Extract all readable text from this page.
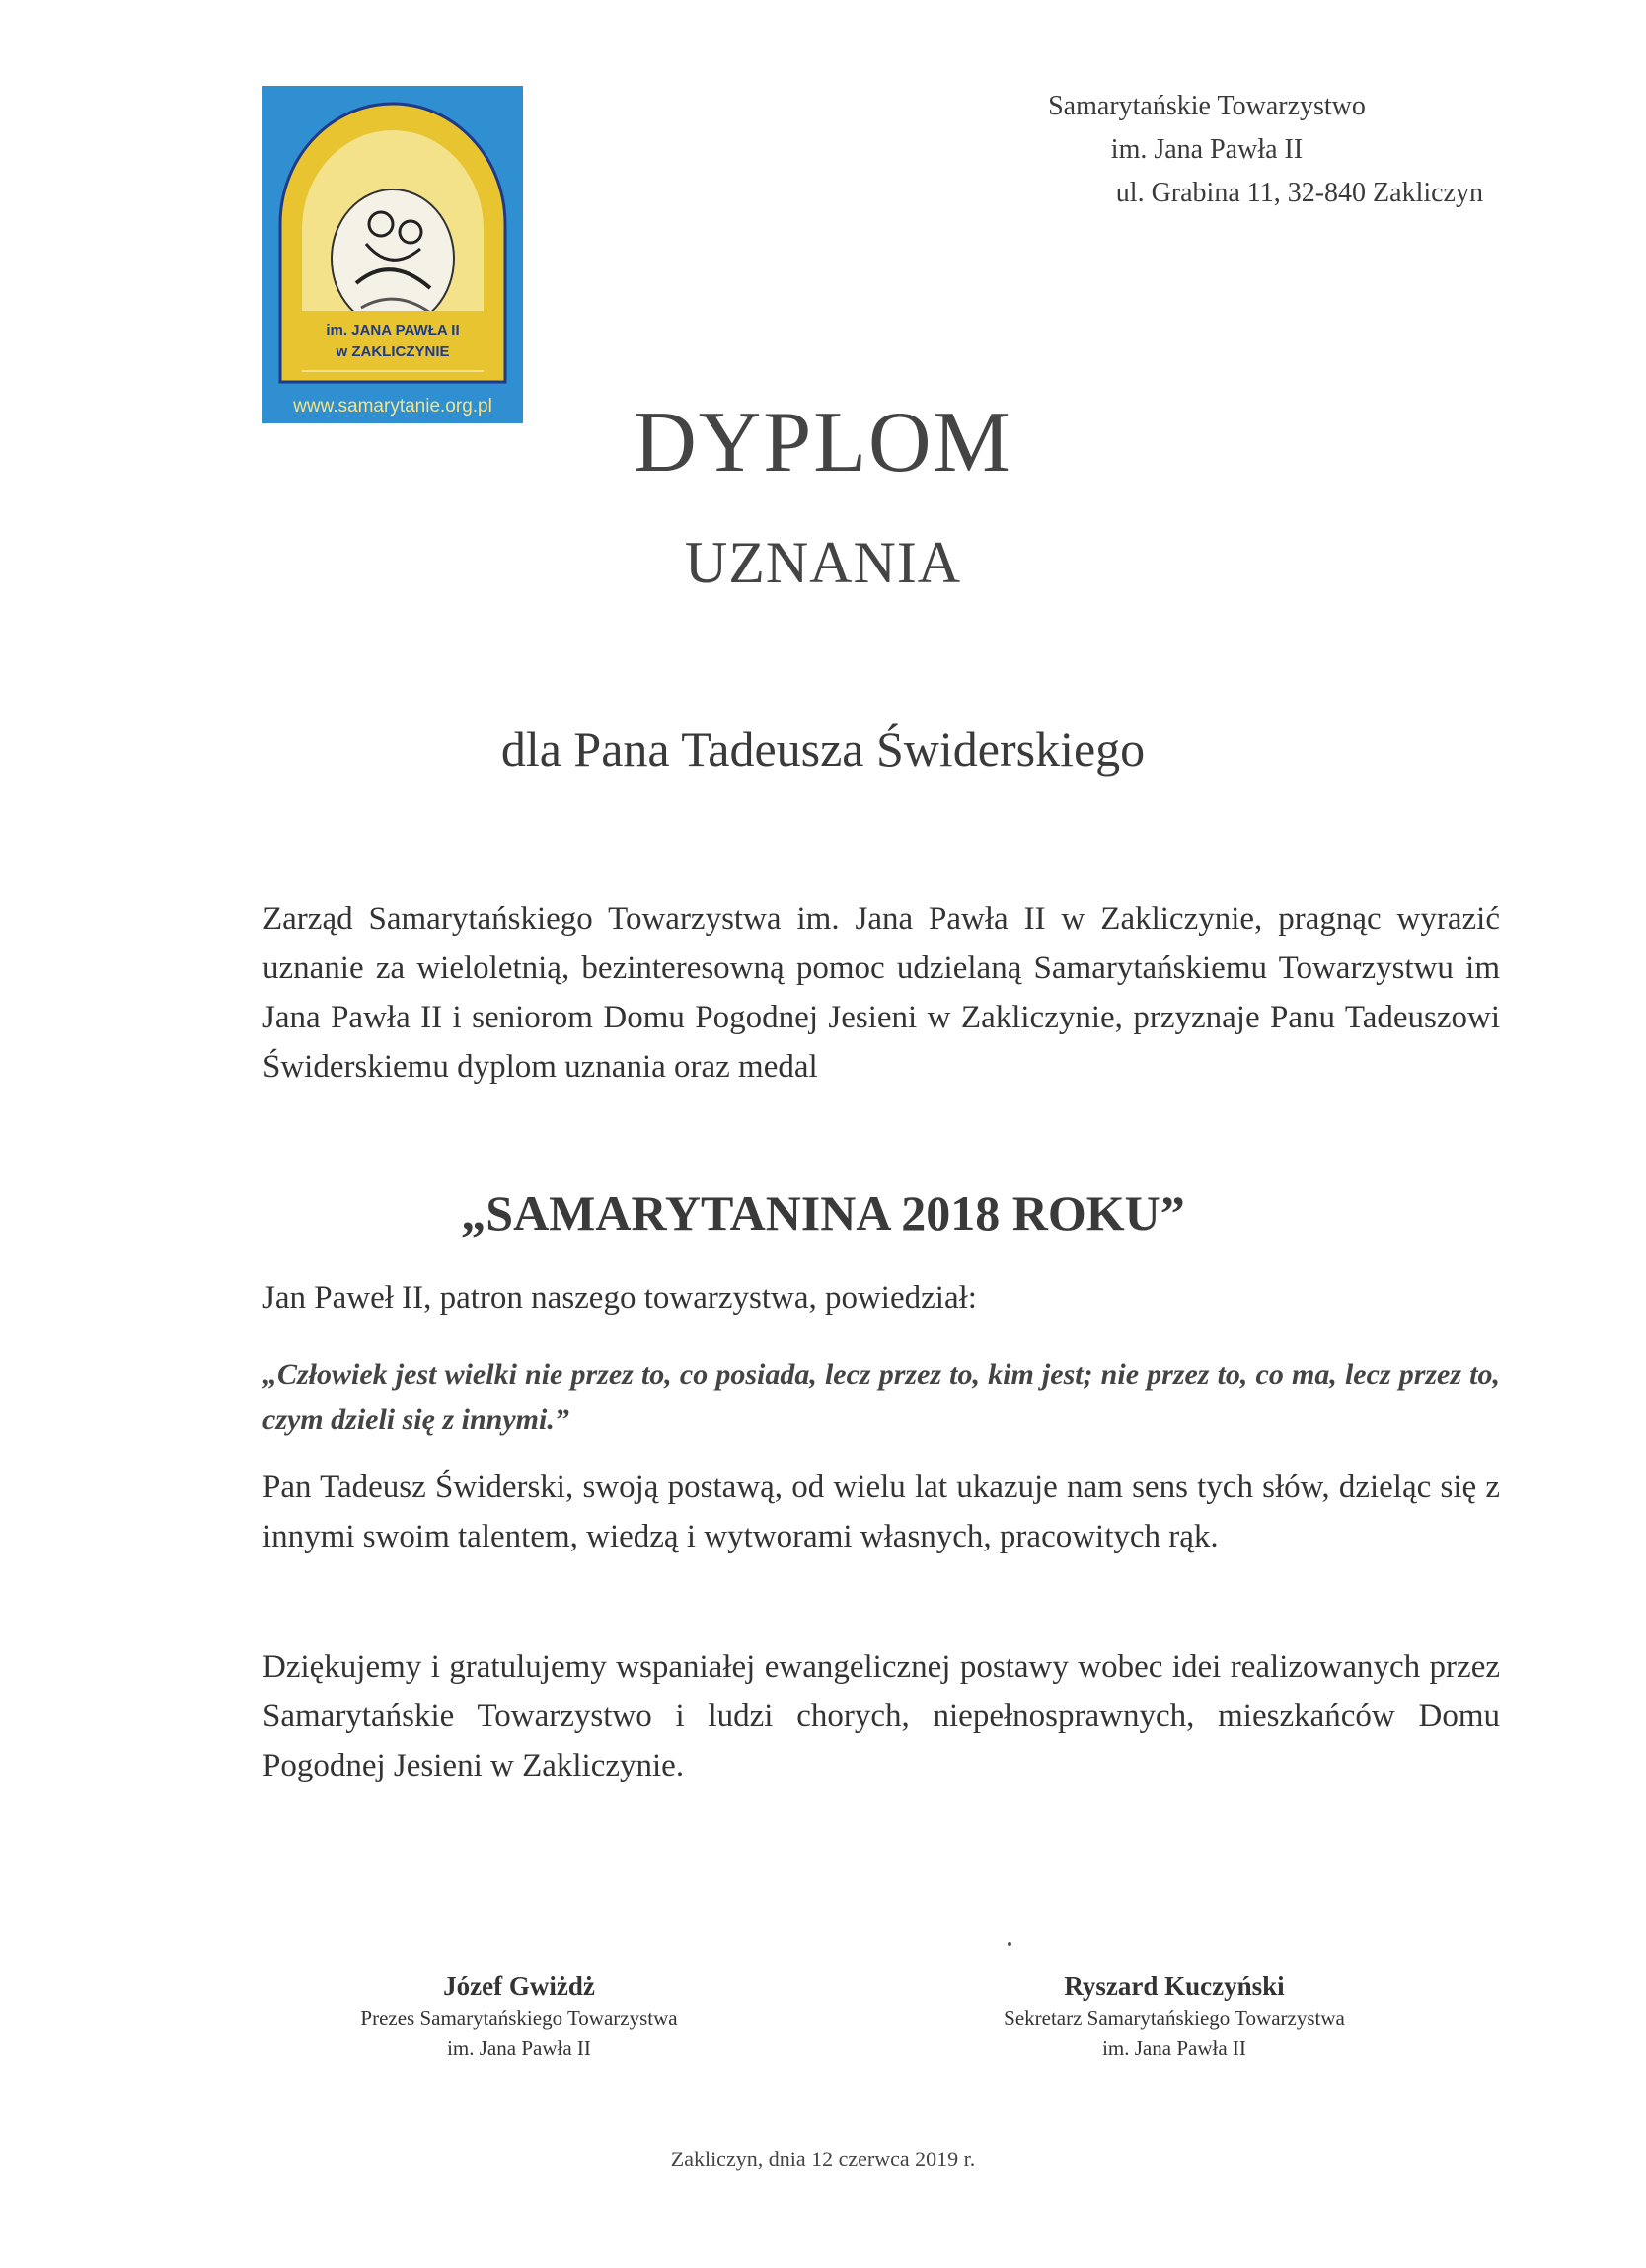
im. JANA PAWŁA II
w ZAKLICZYNIE
www.samarytanie.org.pl
Samarytańskie Towarzystwo
im. Jana Pawła II
ul. Grabina 11, 32-840 Zakliczyn
DYPLOM
UZNANIA
dla Pana Tadeusza Świderskiego
Zarząd Samarytańskiego Towarzystwa im. Jana Pawła II w Zakliczynie, pragnąc wyrazić uznanie za wieloletnią, bezinteresowną pomoc udzielaną Samarytańskiemu Towarzystwu im Jana Pawła II i seniorom Domu Pogodnej Jesieni w Zakliczynie, przyznaje Panu Tadeuszowi Świderskiemu dyplom uznania oraz medal
„SAMARYTANINA 2018 ROKU”
Jan Paweł II, patron naszego towarzystwa, powiedział:
„Człowiek jest wielki nie przez to, co posiada, lecz przez to, kim jest; nie przez to, co ma, lecz przez to, czym dzieli się z innymi.”
Pan Tadeusz Świderski, swoją postawą, od wielu lat ukazuje nam sens tych słów, dzieląc się z innymi swoim talentem, wiedzą i wytworami własnych, pracowitych rąk.
Dziękujemy i gratulujemy wspaniałej ewangelicznej postawy wobec idei realizowanych przez Samarytańskie Towarzystwo i ludzi chorych, niepełnosprawnych, mieszkańców Domu Pogodnej Jesieni w Zakliczynie.
Józef Gwiżdż
Prezes Samarytańskiego Towarzystwa
im. Jana Pawła II
Ryszard Kuczyński
Sekretarz Samarytańskiego Towarzystwa
im. Jana Pawła II
Zakliczyn, dnia 12 czerwca 2019 r.
